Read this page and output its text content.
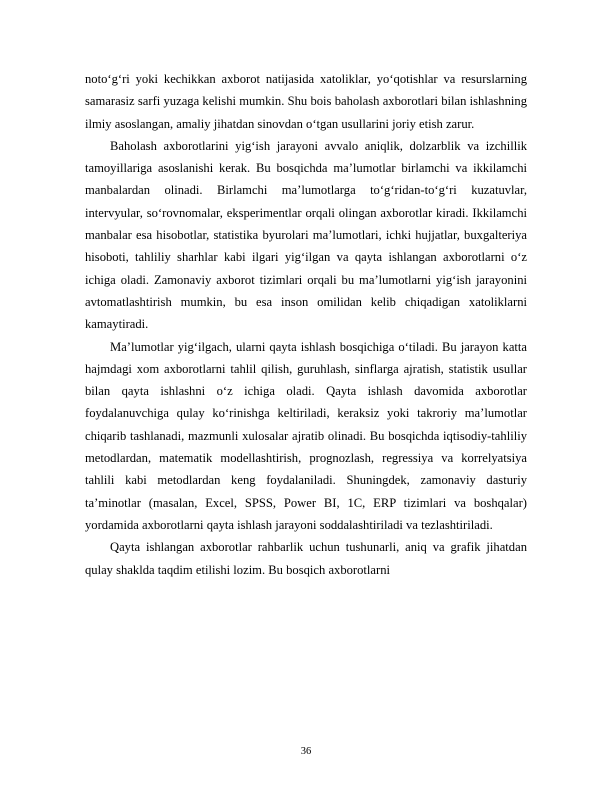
noto‘g‘ri yoki kechikkan axborot natijasida xatoliklar, yo‘qotishlar va resurslarning samarasiz sarfi yuzaga kelishi mumkin. Shu bois baholash axborotlari bilan ishlashning ilmiy asoslangan, amaliy jihatdan sinovdan o‘tgan usullarini joriy etish zarur.

Baholash axborotlarini yig‘ish jarayoni avvalo aniqlik, dolzarblik va izchillik tamoyillariga asoslanishi kerak. Bu bosqichda ma’lumotlar birlamchi va ikkilamchi manbalardan olinadi. Birlamchi ma’lumotlarga to‘g‘ridan-to‘g‘ri kuzatuvlar, intervyular, so‘rovnomalar, eksperimentlar orqali olingan axborotlar kiradi. Ikkilamchi manbalar esa hisobotlar, statistika byurolari ma’lumotlari, ichki hujjatlar, buxgalteriya hisoboti, tahliliy sharhlar kabi ilgari yig‘ilgan va qayta ishlangan axborotlarni o‘z ichiga oladi. Zamonaviy axborot tizimlari orqali bu ma’lumotlarni yig‘ish jarayonini avtomatlashtirish mumkin, bu esa inson omilidan kelib chiqadigan xatoliklarni kamaytiradi.

Ma’lumotlar yig‘ilgach, ularni qayta ishlash bosqichiga o‘tiladi. Bu jarayon katta hajmdagi xom axborotlarni tahlil qilish, guruhlash, sinflarga ajratish, statistik usullar bilan qayta ishlashni o‘z ichiga oladi. Qayta ishlash davomida axborotlar foydalanuvchiga qulay ko‘rinishga keltiriladi, keraksiz yoki takroriy ma’lumotlar chiqarib tashlanadi, mazmunli xulosalar ajratib olinadi. Bu bosqichda iqtisodiy-tahliliy metodlardan, matematik modellashtirish, prognozlash, regressiya va korrelyatsiya tahlili kabi metodlardan keng foydalaniladi. Shuningdek, zamonaviy dasturiy ta’minotlar (masalan, Excel, SPSS, Power BI, 1C, ERP tizimlari va boshqalar) yordamida axborotlarni qayta ishlash jarayoni soddalashtiriladi va tezlashtiriladi.

Qayta ishlangan axborotlar rahbarlik uchun tushunarli, aniq va grafik jihatdan qulay shaklda taqdim etilishi lozim. Bu bosqich axborotlarni

36
